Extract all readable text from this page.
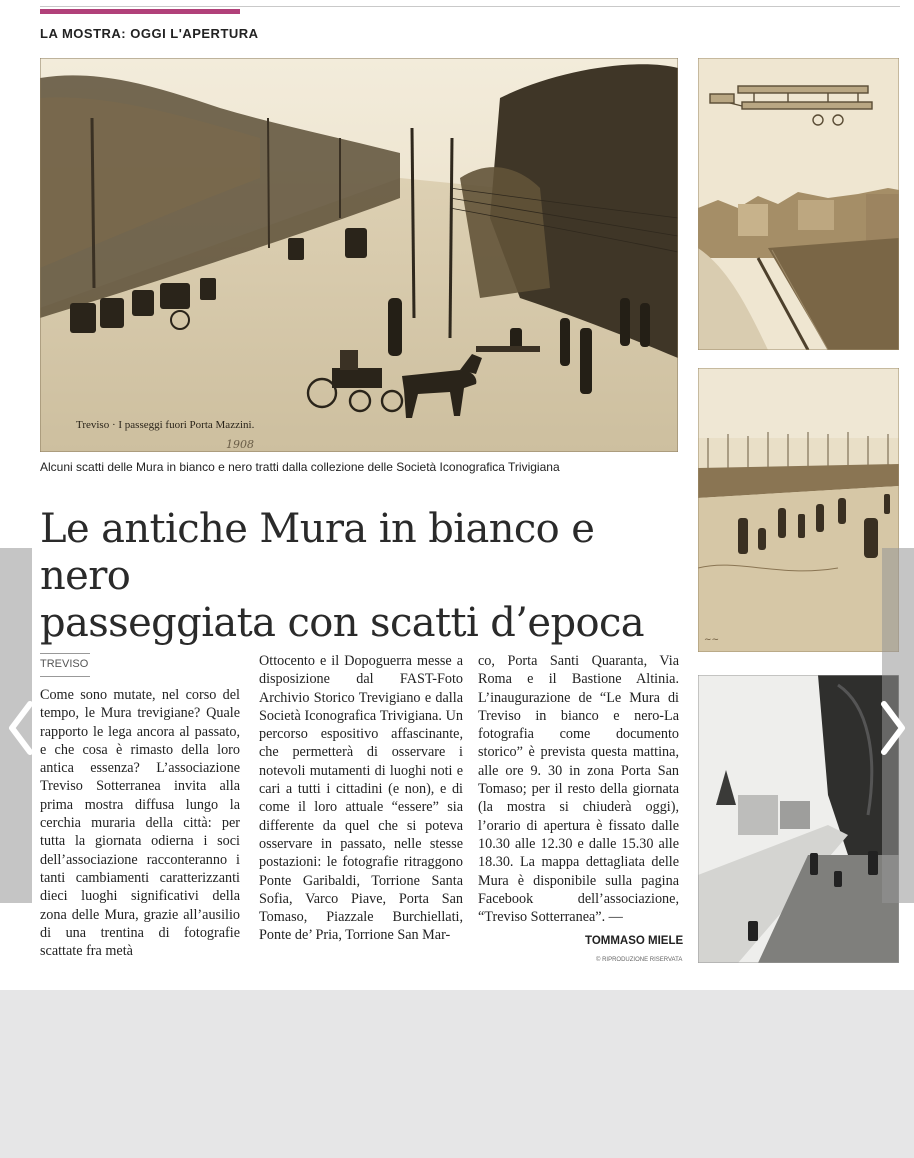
LA MOSTRA: OGGI L'APERTURA
Treviso · I passeggi fuori Porta Mazzini.
1908
~~
Alcuni scatti delle Mura in bianco e nero tratti dalla collezione delle Società Iconografica Trivigiana
Le antiche Mura in bianco e nero
passeggiata con scatti d’epoca
TREVISO

Come sono mutate, nel corso del tempo, le Mura trevigiane? Quale rapporto le lega ancora al passato, e che cosa è rimasto della loro antica essenza? L’associazione Treviso Sotterranea invita alla prima mostra diffusa lungo la cerchia muraria della città: per tutta la giornata odierna i soci dell’associazione racconteranno i tanti cambiamenti caratterizzanti dieci luoghi significativi della zona delle Mura, grazie all’ausilio di una trentina di fotografie scattate fra metà

Ottocento e il Dopoguerra messe a disposizione dal FAST-Foto Archivio Storico Trevigiano e dalla Società Iconografica Trivigiana. Un percorso espositivo affascinante, che permetterà di osservare i notevoli mutamenti di luoghi noti e cari a tutti i cittadini (e non), e di come il loro attuale “essere” sia differente da quel che si poteva osservare in passato, nelle stesse postazioni: le fotografie ritraggono Ponte Garibaldi, Torrione Santa Sofia, Varco Piave, Porta San Tomaso, Piazzale Burchiellati, Ponte de’ Pria, Torrione San Mar-

co, Porta Santi Quaranta, Via Roma e il Bastione Altinia. L’inaugurazione de “Le Mura di Treviso in bianco e nero-La fotografia come documento storico” è prevista questa mattina, alle ore 9. 30 in zona Porta San Tomaso; per il resto della giornata (la mostra si chiuderà oggi), l’orario di apertura è fissato dalle 10.30 alle 12.30 e dalle 15.30 alle 18.30. La mappa dettagliata delle Mura è disponibile sulla pagina Facebook dell’associazione, “Treviso Sotterranea”. —

TOMMASO MIELE
© RIPRODUZIONE RISERVATA
